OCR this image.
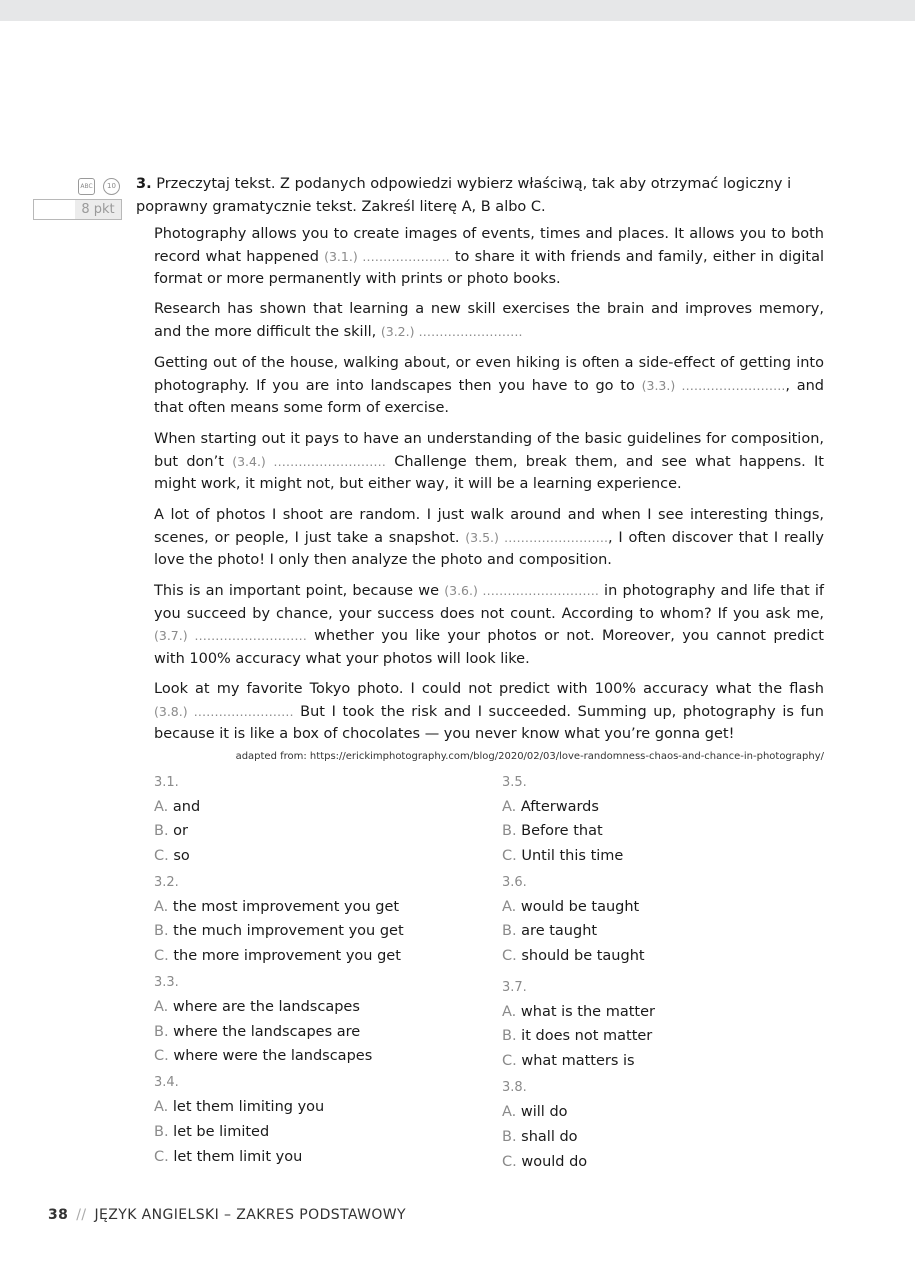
ABC	10
8 pkt
3. Przeczytaj tekst. Z podanych odpowiedzi wybierz właściwą, tak aby otrzymać logiczny i poprawny gramatycznie tekst. Zakreśl literę A, B albo C.
Photography allows you to create images of events, times and places. It allows you to both record what happened (3.1.) ………………… to share it with friends and family, either in digital format or more permanently with prints or photo books.
Research has shown that learning a new skill exercises the brain and improves memory, and the more difficult the skill, (3.2.) …………………….
Getting out of the house, walking about, or even hiking is often a side-effect of getting into photography. If you are into landscapes then you have to go to (3.3.) ……………………., and that often means some form of exercise.
When starting out it pays to have an understanding of the basic guidelines for composition, but don’t (3.4.) ……………………… Challenge them, break them, and see what happens. It might work, it might not, but either way, it will be a learning experience.
A lot of photos I shoot are random. I just walk around and when I see interesting things, scenes, or people, I just take a snapshot. (3.5.) ……………………., I often discover that I really love the photo! I only then analyze the photo and composition.
This is an important point, because we (3.6.) ………………………. in photography and life that if you succeed by chance, your success does not count. According to whom? If you ask me, (3.7.) ……………………… whether you like your photos or not. Moreover, you cannot predict with 100% accuracy what your photos will look like.
Look at my favorite Tokyo photo. I could not predict with 100% accuracy what the flash (3.8.) …………………… But I took the risk and I succeeded. Summing up, photography is fun because it is like a box of chocolates — you never know what you’re gonna get!
adapted from: https://erickimphotography.com/blog/2020/02/03/love-randomness-chaos-and-chance-in-photography/
3.1.
A. and
B. or
C. so
3.2.
A. the most improvement you get
B. the much improvement you get
C. the more improvement you get
3.3.
A. where are the landscapes
B. where the landscapes are
C. where were the landscapes
3.4.
A. let them limiting you
B. let be limited
C. let them limit you
3.5.
A. Afterwards
B. Before that
C. Until this time
3.6.
A. would be taught
B. are taught
C. should be taught
3.7.
A. what is the matter
B. it does not matter
C. what matters is
3.8.
A. will do
B. shall do
C. would do
38 // JĘZYK ANGIELSKI – ZAKRES PODSTAWOWY
